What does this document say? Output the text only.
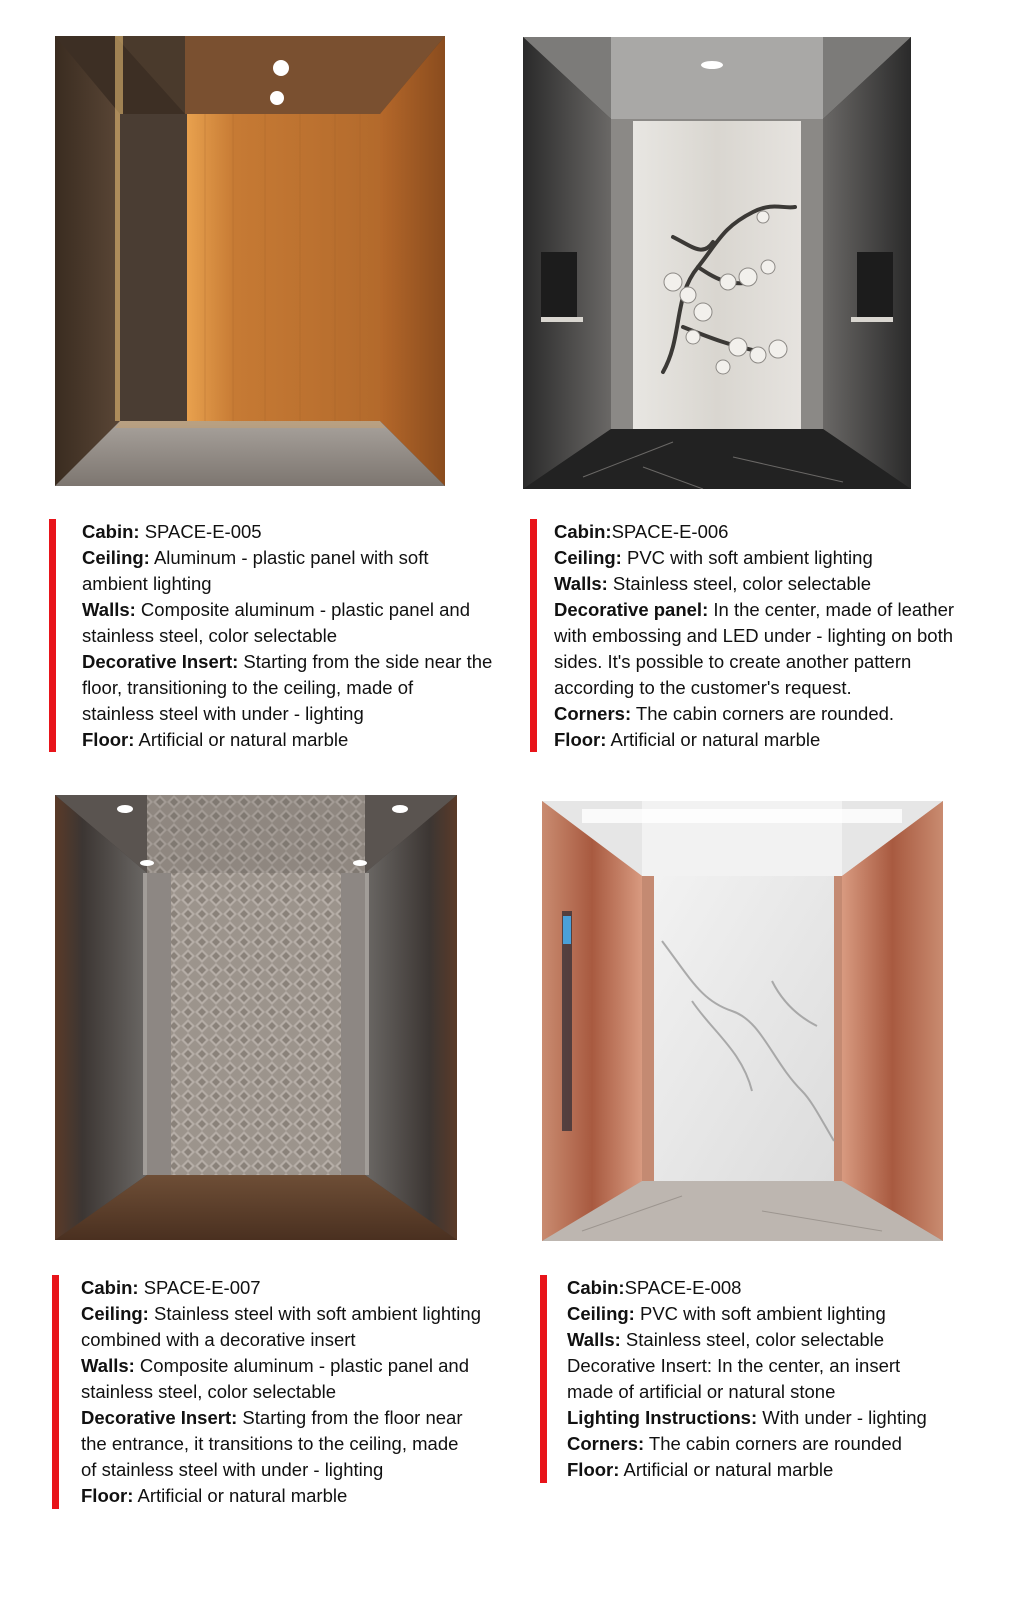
Cabin: SPACE-E-005
Ceiling: Aluminum - plastic panel with soft
ambient lighting
Walls: Composite aluminum - plastic panel and
stainless steel, color selectable
Decorative Insert: Starting from the side near the
floor, transitioning to the ceiling, made of
stainless steel with under - lighting
Floor: Artificial or natural marble
Cabin:SPACE-E-006
Ceiling: PVC with soft ambient lighting
Walls: Stainless steel, color selectable
Decorative panel: In the center, made of leather
with embossing and LED under - lighting on both
sides. It's possible to create another pattern
according to the customer's request.
Corners: The cabin corners are rounded.
Floor: Artificial or natural marble
Cabin: SPACE-E-007
Ceiling: Stainless steel with soft ambient lighting
combined with a decorative insert
Walls: Composite aluminum - plastic panel and
stainless steel, color selectable
Decorative Insert: Starting from the floor near
the entrance, it transitions to the ceiling, made
of stainless steel with under - lighting
Floor: Artificial or natural marble
Cabin:SPACE-E-008
Ceiling: PVC with soft ambient lighting
Walls: Stainless steel, color selectable
Decorative Insert: In the center, an insert
made of artificial or natural stone
Lighting Instructions: With under - lighting
Corners: The cabin corners are rounded
Floor: Artificial or natural marble
